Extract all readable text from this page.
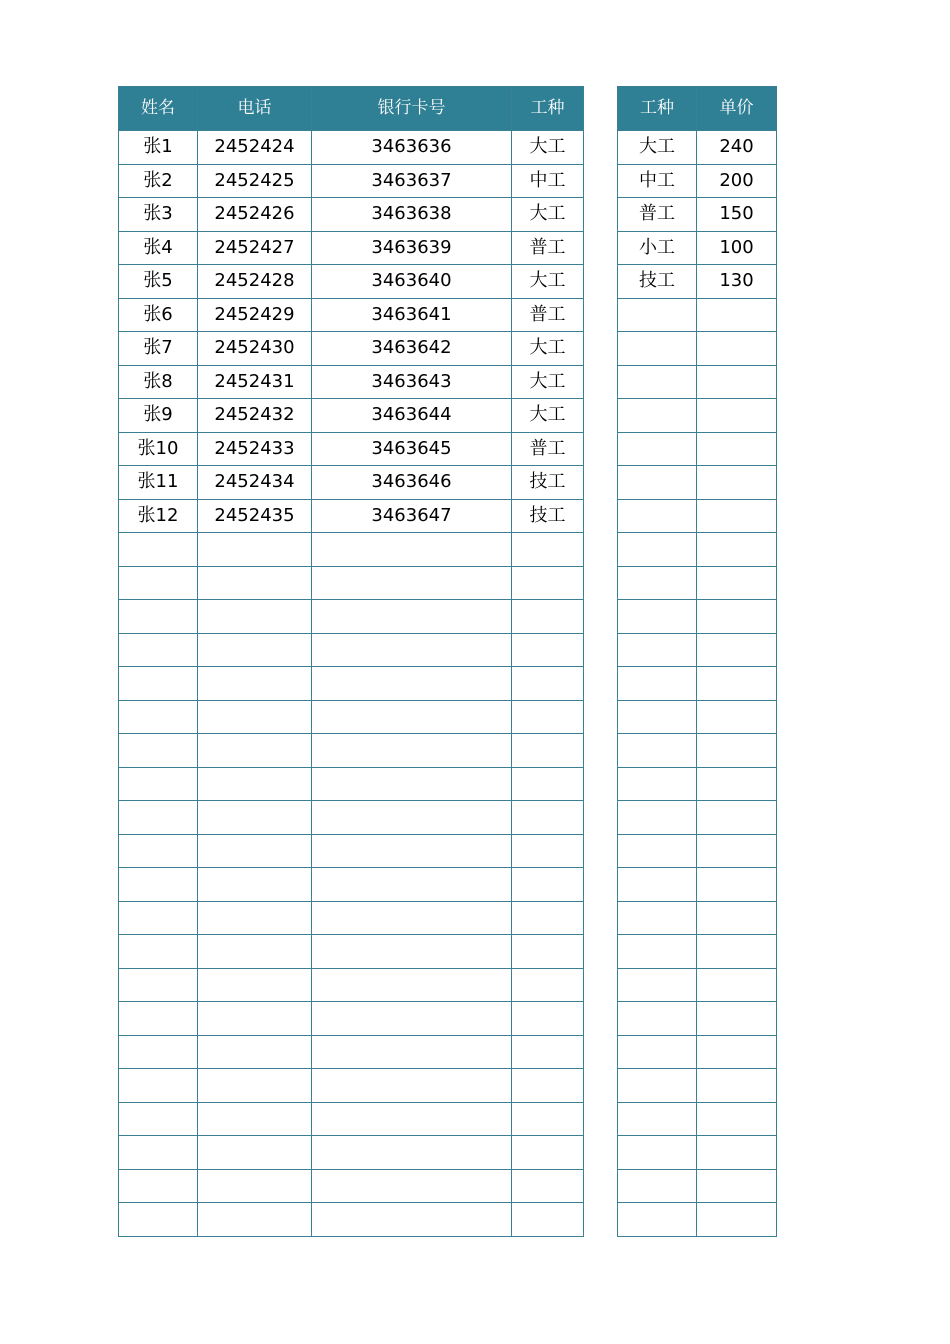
姓名	电话	银行卡号	工种
张1	2452424	3463636	大工
张2	2452425	3463637	中工
张3	2452426	3463638	大工
张4	2452427	3463639	普工
张5	2452428	3463640	大工
张6	2452429	3463641	普工
张7	2452430	3463642	大工
张8	2452431	3463643	大工
张9	2452432	3463644	大工
张10	2452433	3463645	普工
张11	2452434	3463646	技工
张12	2452435	3463647	技工

工种	单价
大工	240
中工	200
普工	150
小工	100
技工	130
